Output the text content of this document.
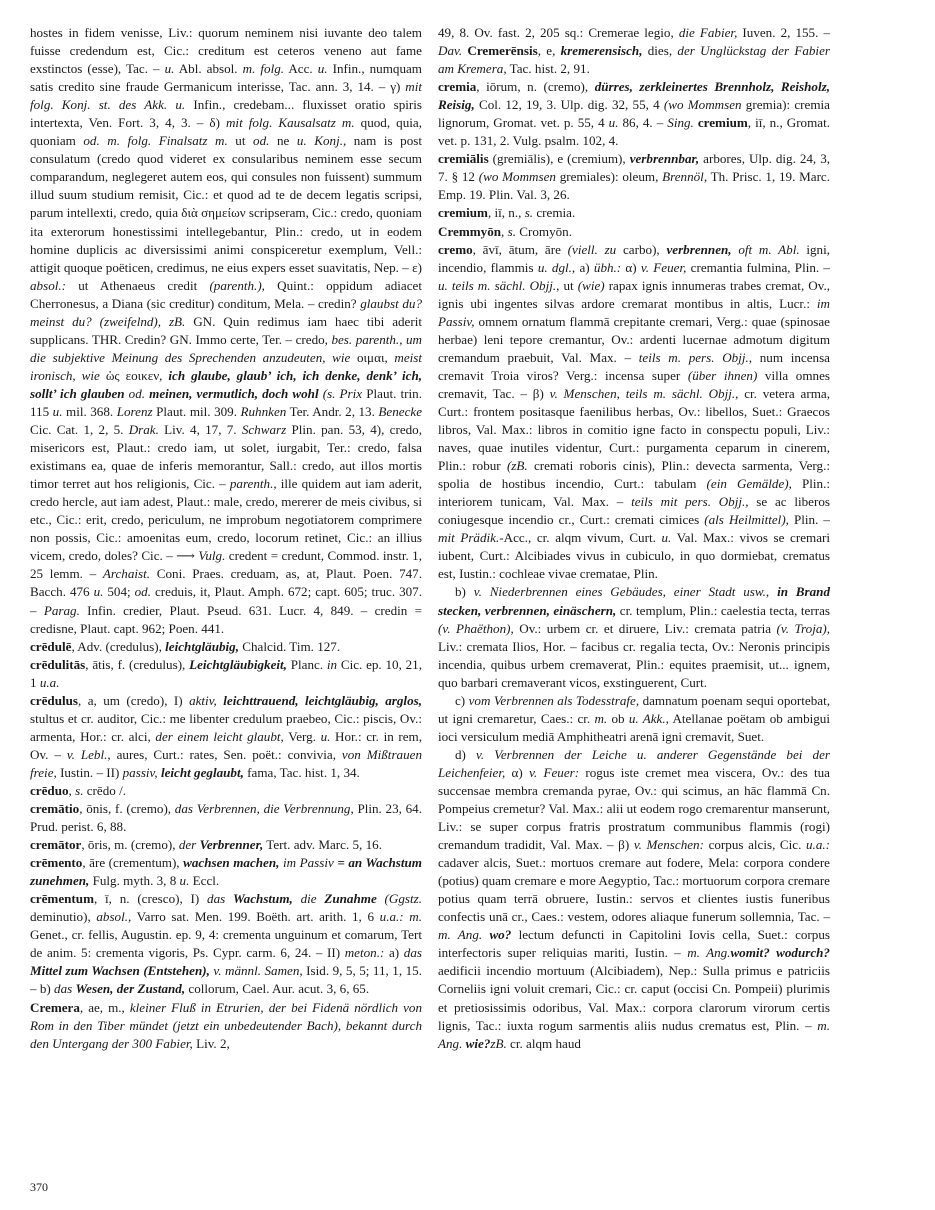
hostes in fidem venisse, Liv.: quorum neminem nisi iuvante deo talem fuisse credendum est, Cic.: creditum est ceteros veneno aut fame exstinctos (esse), Tac. – u. Abl. absol. m. folg. Acc. u. Infin., numquam satis credito sine fraude Germanicum interisse, Tac. ann. 3, 14. – γ) mit folg. Konj. st. des Akk. u. Infin., credebam... fluxisset oratio spiris intertexta, Ven. Fort. 3, 4, 3. – δ) mit folg. Kausalsatz m. quod, quia, quoniam od. m. folg. Finalsatz m. ut od. ne u. Konj., nam is post consulatum (credo quod videret ex consularibus neminem esse secum comparandum, neglegeret autem eos, qui consules non fuissent) summum illud suum studium remisit, Cic.: et quod ad te de decem legatis scripsi, parum intellexti, credo, quia διὰ σημείων scripseram, Cic.: credo, quoniam ita exterorum honestissimi intellegebantur, Plin.: credo, ut in eodem homine duplicis ac diversissimi animi conspiceretur exemplum, Vell.: attigit quoque poëticen, credimus, ne eius expers esset suavitatis, Nep. – ε) absol.: ut Athenaeus credit (parenth.), Quint.: oppidum adiacet Cherronesus, a Diana (sic creditur) conditum, Mela. – credin? glaubst du? meinst du? (zweifelnd), zB. GN. Quin redimus iam haec tibi aderit supplicans. THR. Credin? GN. Immo certe, Ter. – credo, bes. parenth., um die subjektive Meinung des Sprechenden anzudeuten, wie οιμαι, meist ironisch, wie ὡς εοικεν, ich glaube, glaub’ ich, ich denke, denk’ ich, sollt’ ich glauben od. meinen, vermutlich, doch wohl (s. Prix Plaut. trin. 115 u. mil. 368. Lorenz Plaut. mil. 309. Ruhnken Ter. Andr. 2, 13. Benecke Cic. Cat. 1, 2, 5. Drak. Liv. 4, 17, 7. Schwarz Plin. pan. 53, 4), credo, misericors est, Plaut.: credo iam, ut solet, iurgabit, Ter.: credo, falsa existimans ea, quae de inferis memorantur, Sall.: credo, aut illos mortis timor terret aut hos religionis, Cic. – parenth., ille quidem aut iam aderit, credo hercle, aut iam adest, Plaut.: male, credo, mererer de meis civibus, si etc., Cic.: erit, credo, periculum, ne improbum negotiatorem comprimere non possis, Cic.: amoenitas eum, credo, locorum retinet, Cic.: an illius vicem, credo, doles? Cic. – ⟶ Vulg. credent = credunt, Commod. instr. 1, 25 lemm. – Archaist. Coni. Praes. creduam, as, at, Plaut. Poen. 747. Bacch. 476 u. 504; od. creduis, it, Plaut. Amph. 672; capt. 605; truc. 307. – Parag. Infin. credier, Plaut. Pseud. 631. Lucr. 4, 849. – credin = credisne, Plaut. capt. 962; Poen. 441.

crēdulē, Adv. (credulus), leichtgläubig, Chalcid. Tim. 127.

crēdulitās, ātis, f. (credulus), Leichtgläubigkeit, Planc. in Cic. ep. 10, 21, 1 u.a.

crēdulus, a, um (credo), I) aktiv, leichttrauend, leichtgläubig, arglos, stultus et cr. auditor, Cic.: me libenter credulum praebeo, Cic.: piscis, Ov.: armenta, Hor.: cr. alci, der einem leicht glaubt, Verg. u. Hor.: cr. in rem, Ov. – v. Lebl., aures, Curt.: rates, Sen. poët.: convivia, von Mißtrauen freie, Iustin. – II) passiv, leicht geglaubt, fama, Tac. hist. 1, 34.

crēduo, s. crēdo /.

cremātio, ōnis, f. (cremo), das Verbrennen, die Verbrennung, Plin. 23, 64. Prud. perist. 6, 88.

cremātor, ōris, m. (cremo), der Verbrenner, Tert. adv. Marc. 5, 16.

crēmento, āre (crementum), wachsen machen, im Passiv = an Wachstum zunehmen, Fulg. myth. 3, 8 u. Eccl.

crēmentum, ī, n. (cresco), I) das Wachstum, die Zunahme (Ggstz. deminutio), absol., Varro sat. Men. 199. Boëth. art. arith. 1, 6 u.a.: m. Genet., cr. fellis, Augustin. ep. 9, 4: crementa unguinum et comarum, Tert de anim. 5: crementa vigoris, Ps. Cypr. carm. 6, 24. – II) meton.: a) das Mittel zum Wachsen (Entstehen), v. männl. Samen, Isid. 9, 5, 5; 11, 1, 15. – b) das Wesen, der Zustand, collorum, Cael. Aur. acut. 3, 6, 65.

Cremera, ae, m., kleiner Fluß in Etrurien, der bei Fidenä nördlich von Rom in den Tiber mündet (jetzt ein unbedeutender Bach), bekannt durch den Untergang der 300 Fabier, Liv. 2,

49, 8. Ov. fast. 2, 205 sq.: Cremerae legio, die Fabier, Iuven. 2, 155. – Dav. Cremerēnsis, e, kremerensisch, dies, der Unglückstag der Fabier am Kremera, Tac. hist. 2, 91.

cremia, iōrum, n. (cremo), dürres, zerkleinertes Brennholz, Reisholz, Reisig, Col. 12, 19, 3. Ulp. dig. 32, 55, 4 (wo Mommsen gremia): cremia lignorum, Gromat. vet. p. 55, 4 u. 86, 4. – Sing. cremium, iī, n., Gromat. vet. p. 131, 2. Vulg. psalm. 102, 4.

cremiālis (gremiālis), e (cremium), verbrennbar, arbores, Ulp. dig. 24, 3, 7. § 12 (wo Mommsen gremiales): oleum, Brennöl, Th. Prisc. 1, 19. Marc. Emp. 19. Plin. Val. 3, 26.

cremium, iī, n., s. cremia.

Cremmyōn, s. Cromyōn.

cremo, āvī, ātum, āre (viell. zu carbo), verbrennen, oft m. Abl. igni, incendio, flammis u. dgl., a) übh.: α) v. Feuer, cremantia fulmina, Plin. – u. teils m. sächl. Objj., ut (wie) rapax ignis innumeras trabes cremat, Ov., ignis ubi ingentes silvas ardore cremarat montibus in altis, Lucr.: im Passiv, omnem ornatum flammā crepitante cremari, Verg.: quae (spinosae herbae) leni tepore cremantur, Ov.: ardenti lucernae admotum digitum cremandum praebuit, Val. Max. – teils m. pers. Objj., num incensa cremavit Troia viros? Verg.: incensa super (über ihnen) villa omnes cremavit, Tac. – β) v. Menschen, teils m. sächl. Objj., cr. vetera arma, Curt.: frontem positasque faenilibus herbas, Ov.: libellos, Suet.: Graecos libros, Val. Max.: libros in comitio igne facto in conspectu populi, Liv.: naves, quae inutiles videntur, Curt.: purgamenta ceparum in cinerem, Plin.: robur (zB. cremati roboris cinis), Plin.: devecta sarmenta, Verg.: spolia de hostibus incendio, Curt.: tabulam (ein Gemälde), Plin.: interiorem tunicam, Val. Max. – teils mit pers. Objj., se ac liberos coniugesque incendio cr., Curt.: cremati cimices (als Heilmittel), Plin. – mit Prädik.-Acc., cr. alqm vivum, Curt. u. Val. Max.: vivos se cremari iubent, Curt.: Alcibiades vivus in cubiculo, in quo dormiebat, crematus est, Iustin.: cochleae vivae crematae, Plin.

b) v. Niederbrennen eines Gebäudes, einer Stadt usw., in Brand stecken, verbrennen, einäschern, cr. templum, Plin.: caelestia tecta, terras (v. Phaëthon), Ov.: urbem cr. et diruere, Liv.: cremata patria (v. Troja), Liv.: cremata Ilios, Hor. – facibus cr. regalia tecta, Ov.: Neronis principis incendia, quibus urbem cremaverat, Plin.: equites praemisit, ut... ignem, quo barbari cremaverant vicos, exstinguerent, Curt.

c) vom Verbrennen als Todesstrafe, damnatum poenam sequi oportebat, ut igni cremaretur, Caes.: cr. m. ob u. Akk., Atellanae poëtam ob ambigui ioci versiculum mediā Amphitheatri arenā igni cremavit, Suet.

d) v. Verbrennen der Leiche u. anderer Gegenstände bei der Leichenfeier, α) v. Feuer: rogus iste cremet mea viscera, Ov.: des tua succensae membra cremanda pyrae, Ov.: qui scimus, an hāc flammā Cn. Pompeius cremetur? Val. Max.: alii ut eodem rogo cremarentur manserunt, Liv.: se super corpus fratris prostratum communibus flammis (rogi) cremandum tradidit, Val. Max. – β) v. Menschen: corpus alcis, Cic. u.a.: cadaver alcis, Suet.: mortuos cremare aut fodere, Mela: corpora condere (potius) quam cremare e more Aegyptio, Tac.: mortuorum corpora cremare potius quam terrā obruere, Iustin.: servos et clientes iustis funeribus confectis unā cr., Caes.: vestem, odores aliaque funerum sollemnia, Tac. – m. Ang. wo? lectum defuncti in Capitolini Iovis cella, Suet.: corpus interfectoris super reliquias mariti, Iustin. – m. Ang.womit? wodurch? aedificii incendio mortuum (Alcibiadem), Nep.: Sulla primus e patriciis Corneliis igni voluit cremari, Cic.: cr. caput (occisi Cn. Pompeii) plurimis et pretiosissimis odoribus, Val. Max.: corpora clarorum virorum certis lignis, Tac.: iuxta rogum sarmentis aliis nudus crematus est, Plin. – m. Ang. wie?zB. cr. alqm haud

370
